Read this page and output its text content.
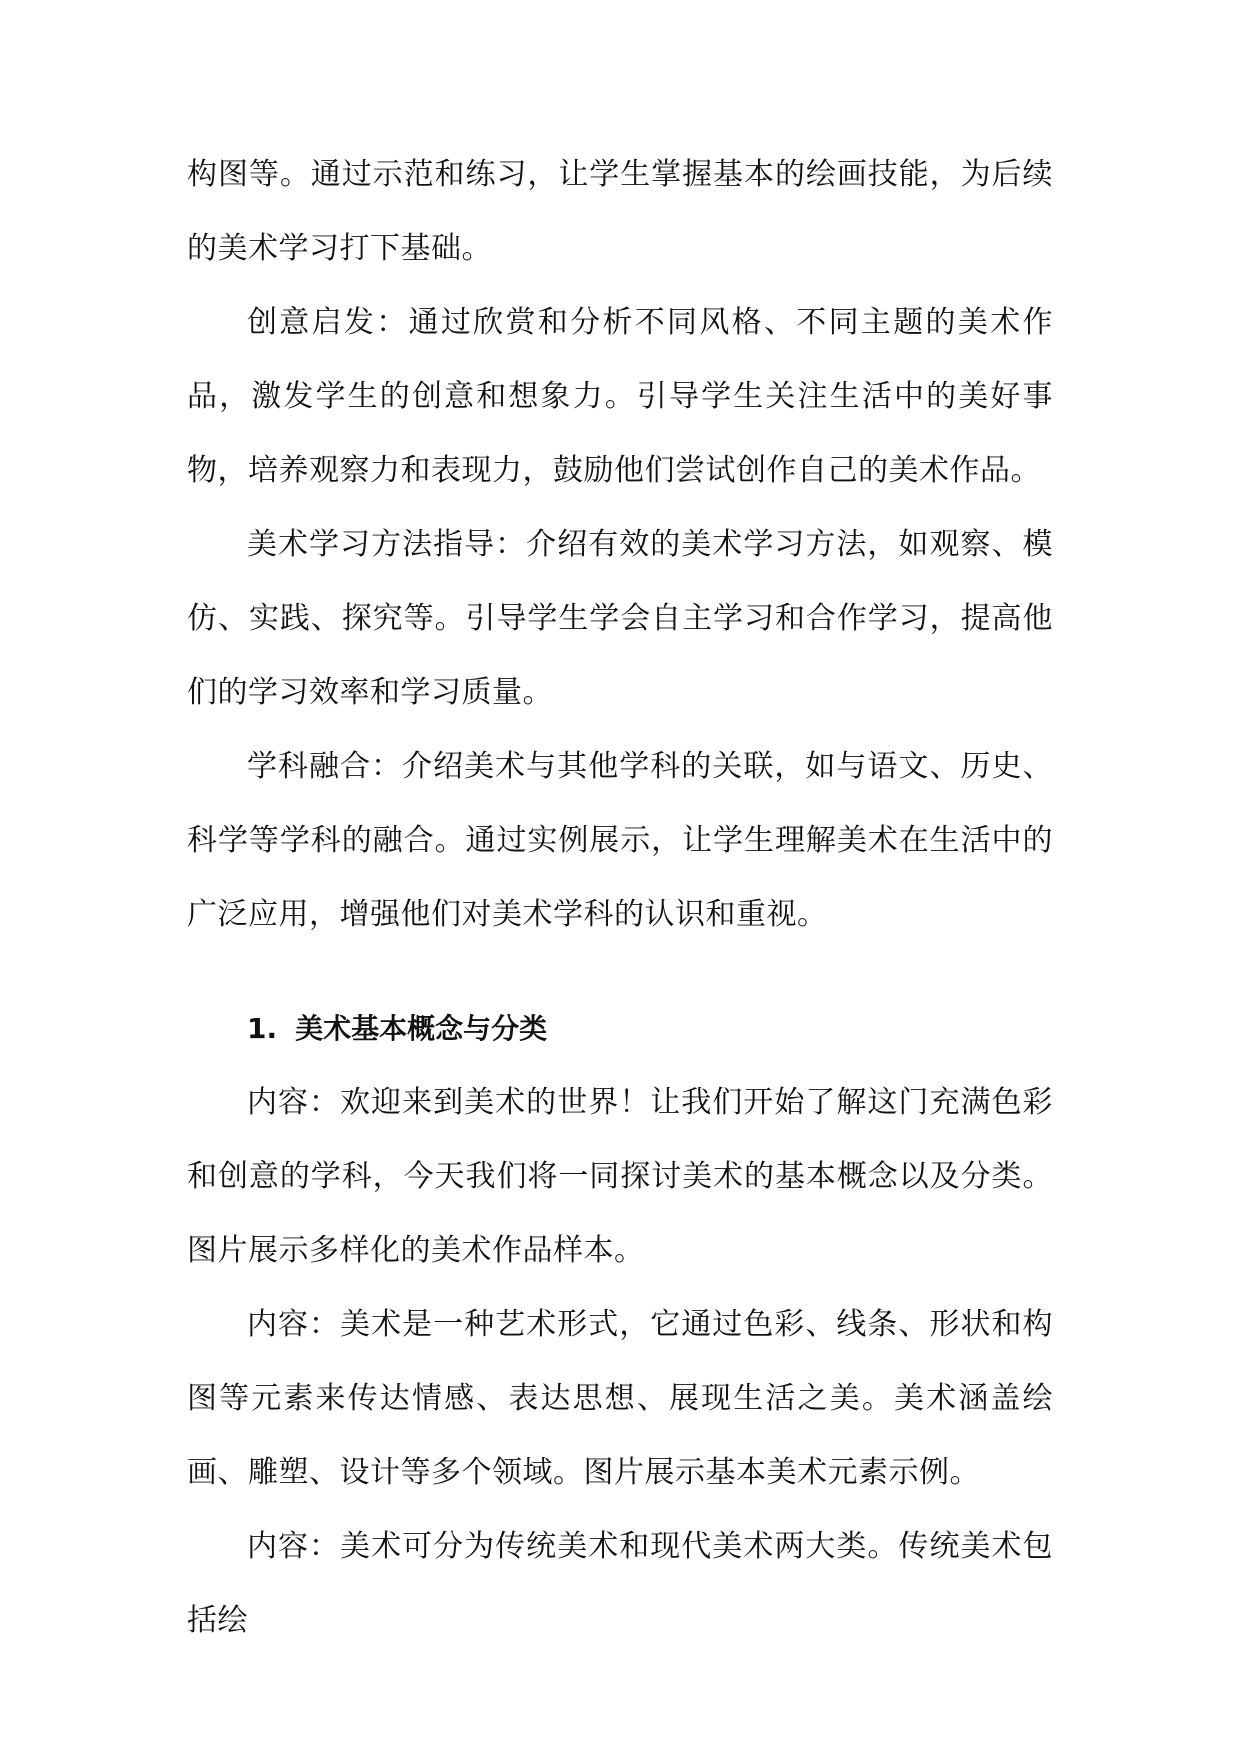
构图等。通过示范和练习，让学生掌握基本的绘画技能，为后续的美术学习打下基础。

创意启发：通过欣赏和分析不同风格、不同主题的美术作品，激发学生的创意和想象力。引导学生关注生活中的美好事物，培养观察力和表现力，鼓励他们尝试创作自己的美术作品。

美术学习方法指导：介绍有效的美术学习方法，如观察、模仿、实践、探究等。引导学生学会自主学习和合作学习，提高他们的学习效率和学习质量。

学科融合：介绍美术与其他学科的关联，如与语文、历史、科学等学科的融合。通过实例展示，让学生理解美术在生活中的广泛应用，增强他们对美术学科的认识和重视。

1. 美术基本概念与分类

内容：欢迎来到美术的世界！让我们开始了解这门充满色彩和创意的学科，今天我们将一同探讨美术的基本概念以及分类。图片展示多样化的美术作品样本。

内容：美术是一种艺术形式，它通过色彩、线条、形状和构图等元素来传达情感、表达思想、展现生活之美。美术涵盖绘画、雕塑、设计等多个领域。图片展示基本美术元素示例。

内容：美术可分为传统美术和现代美术两大类。传统美术包括绘
